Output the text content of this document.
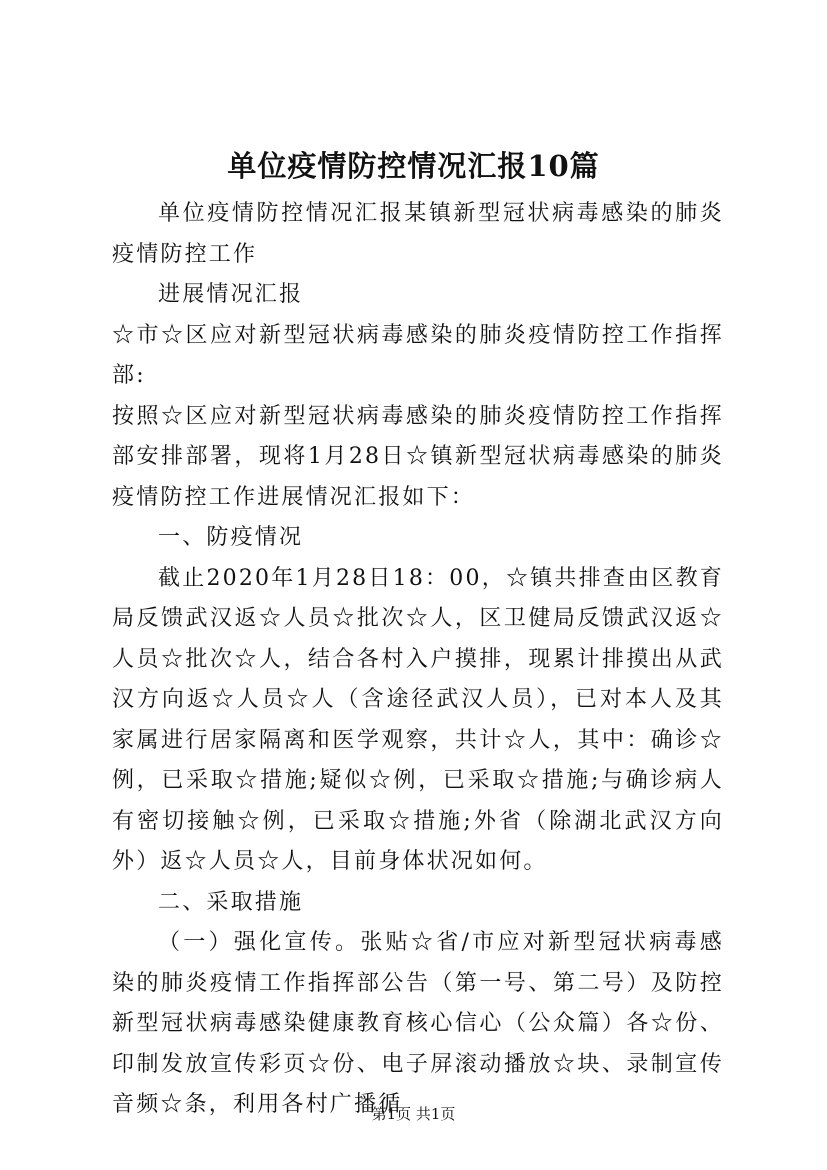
单位疫情防控情况汇报10篇

单位疫情防控情况汇报某镇新型冠状病毒感染的肺炎疫情防控工作

进展情况汇报

☆市☆区应对新型冠状病毒感染的肺炎疫情防控工作指挥部:

按照☆区应对新型冠状病毒感染的肺炎疫情防控工作指挥部安排部署，现将1月28日☆镇新型冠状病毒感染的肺炎疫情防控工作进展情况汇报如下：

一、防疫情况

截止2020年1月28日18：00，☆镇共排查由区教育局反馈武汉返☆人员☆批次☆人，区卫健局反馈武汉返☆人员☆批次☆人，结合各村入户摸排，现累计排摸出从武汉方向返☆人员☆人（含途径武汉人员），已对本人及其家属进行居家隔离和医学观察，共计☆人，其中：确诊☆例，已采取☆措施;疑似☆例，已采取☆措施;与确诊病人有密切接触☆例，已采取☆措施;外省（除湖北武汉方向外）返☆人员☆人，目前身体状况如何。

二、采取措施

（一）强化宣传。张贴☆省/市应对新型冠状病毒感染的肺炎疫情工作指挥部公告（第一号、第二号）及防控新型冠状病毒感染健康教育核心信心（公众篇）各☆份、印制发放宣传彩页☆份、电子屏滚动播放☆块、录制宣传音频☆条，利用各村广播循

第1页 共1页
